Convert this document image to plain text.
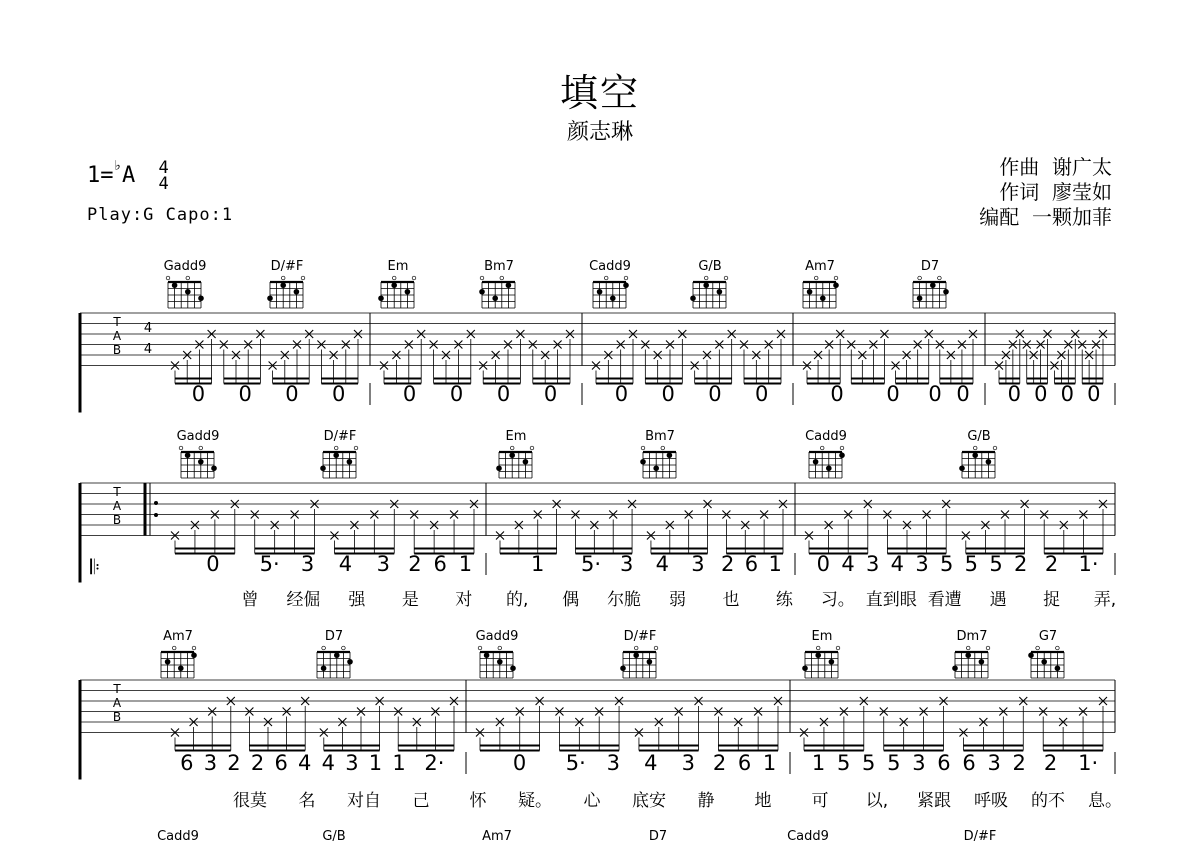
填空
颜志琳
1=♭A 4
4
Play:G Capo:1
作曲  谢广太
作词  廖莹如
编配  一颗加菲
Gadd9	D/#F	Em	Bm7	Cadd9	G/B	Am7	D7
T
A
B
4
4
0 0 0 0	0 0 0 0	0 0 0 0	0 0 0 0 0 0 0 0
Gadd9	D/#F	Em	Bm7	Cadd9	G/B
T
A
B
𝄆	0 5· 3 4 3 2 6 1	1 5· 3 4 3 2 6 1 0 4 3 4 3 5 5 5 2 2 1·
曾 经倔 强 是 对 的, 偶 尔脆 弱 也 练 习。 直到眼 看遭 遇 捉 弄,
Am7	D7	Gadd9	D/#F	Em	Dm7	G7
T
A
B
6 3 2 2 6 4 4 3 1 1 2·	0 5· 3 4 3 2 6 1 1 5 5 5 3 6 6 3 2 2 1·
很莫 名 对自 己 怀 疑。 心 底安 静 地 可 以, 紧跟 呼吸 的不 息。
Cadd9	G/B	Am7	D7	Cadd9	D/#F
